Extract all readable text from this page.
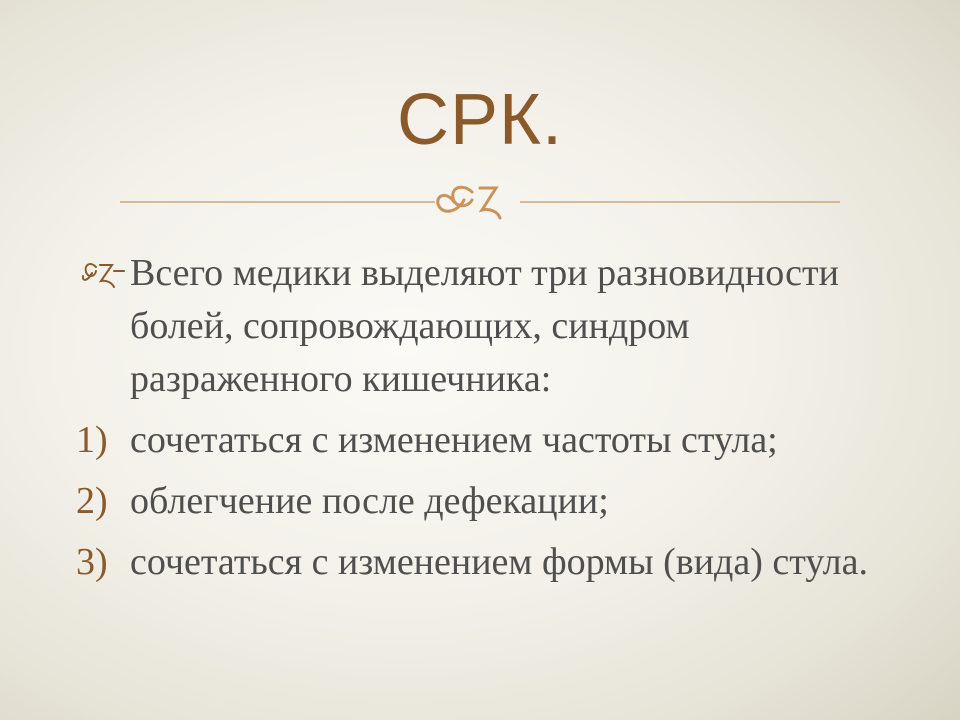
СРК.
Всего медики выделяют три разновидности болей, сопровождающих, синдром разраженного кишечника:
1) сочетаться с изменением частоты стула;
2) облегчение после дефекации;
3) сочетаться с изменением формы (вида) стула.
